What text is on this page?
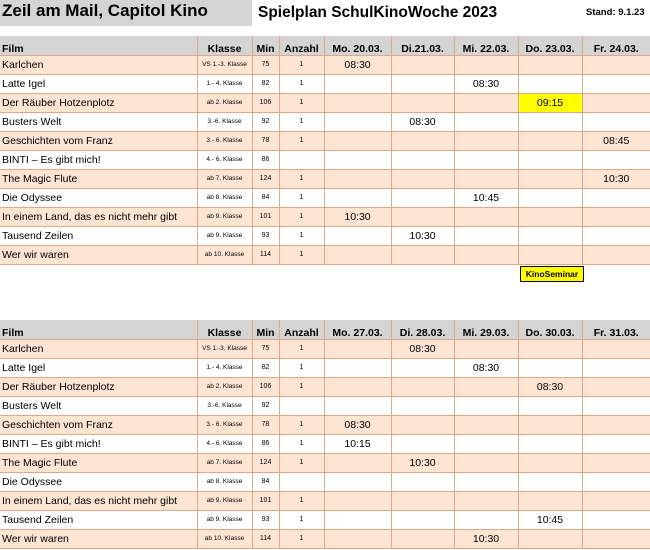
Zeil am Mail, Capitol Kino	Spielplan SchulKinoWoche 2023	Stand: 9.1.23
Film	Klasse	Min	Anzahl	Mo. 20.03.	Di.21.03.	Mi. 22.03.	Do. 23.03.	Fr. 24.03.
Karlchen	VS 1.-3. Klasse	75	1	08:30				
Latte Igel	1.- 4. Klasse	82	1			08:30		
Der Räuber Hotzenplotz	ab 2. Klasse	106	1				09:15	
Busters Welt	3.-6. Klasse	92	1		08:30			
Geschichten vom Franz	3.- 6. Klasse	78	1					08:45
BINTI – Es gibt mich!	4.- 6. Klasse	86						
The Magic Flute	ab 7. Klasse	124	1					10:30
Die Odyssee	ab 8. Klasse	84	1			10:45		
In einem Land, das es nicht mehr gibt	ab 9. Klasse	101	1	10:30				
Tausend Zeilen	ab 9. Klasse	93	1		10:30			
Wer wir waren	ab 10. Klasse	114	1					
KinoSeminar
Film	Klasse	Min	Anzahl	Mo. 27.03.	Di. 28.03.	Mi. 29.03.	Do. 30.03.	Fr. 31.03.
Karlchen	VS 1.-3. Klasse	75	1		08:30			
Latte Igel	1.- 4. Klasse	82	1			08:30		
Der Räuber Hotzenplotz	ab 2. Klasse	106	1				08:30	
Busters Welt	3.-6. Klasse	92						
Geschichten vom Franz	3.- 6. Klasse	78	1	08:30				
BINTI – Es gibt mich!	4.- 6. Klasse	86	1	10:15				
The Magic Flute	ab 7. Klasse	124	1		10:30			
Die Odyssee	ab 8. Klasse	84						
In einem Land, das es nicht mehr gibt	ab 9. Klasse	101	1					
Tausend Zeilen	ab 9. Klasse	93	1				10:45	
Wer wir waren	ab 10. Klasse	114	1			10:30		
